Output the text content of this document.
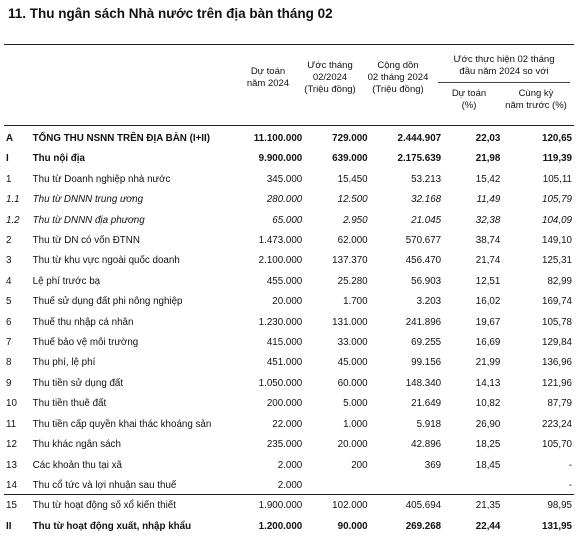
11. Thu ngân sách Nhà nước trên địa bàn tháng 02
Dự toán
năm 2024
Ước tháng
02/2024
(Triệu đồng)
Cộng dồn
02 tháng 2024
(Triệu đồng)
Ước thực hiện 02 tháng
đầu năm 2024 so với
Dự toán
(%)
Cùng kỳ
năm trước (%)
A	TỔNG THU NSNN TRÊN ĐỊA BÀN (I+II)	11.100.000	729.000	2.444.907	22,03	120,65
I	Thu nội địa	9.900.000	639.000	2.175.639	21,98	119,39
1	Thu từ Doanh nghiệp nhà nước	345.000	15.450	53.213	15,42	105,11
1.1	Thu từ DNNN trung ương	280.000	12.500	32.168	11,49	105,79
1.2	Thu từ DNNN địa phương	65.000	2.950	21.045	32,38	104,09
2	Thu từ DN có vốn ĐTNN	1.473.000	62.000	570.677	38,74	149,10
3	Thu từ khu vực ngoài quốc doanh	2.100.000	137.370	456.470	21,74	125,31
4	Lệ phí trước bạ	455.000	25.280	56.903	12,51	82,99
5	Thuế sử dụng đất phi nông nghiệp	20.000	1.700	3.203	16,02	169,74
6	Thuế thu nhập cá nhân	1.230.000	131.000	241.896	19,67	105,78
7	Thuế bảo vệ môi trường	415.000	33.000	69.255	16,69	129,84
8	Thu phí, lệ phí	451.000	45.000	99.156	21,99	136,96
9	Thu tiền sử dụng đất	1.050.000	60.000	148.340	14,13	121,96
10	Thu tiền thuê đất	200.000	5.000	21.649	10,82	87,79
11	Thu tiền cấp quyền khai thác khoáng sản	22.000	1.000	5.918	26,90	223,24
12	Thu khác ngân sách	235.000	20.000	42.896	18,25	105,70
13	Các khoản thu tại xã	2.000	200	369	18,45	-
14	Thu cổ tức và lợi nhuận sau thuế	2.000				-
15	Thu từ hoạt động số xổ kiến thiết	1.900.000	102.000	405.694	21,35	98,95
II	Thu từ hoạt động xuất, nhập khẩu	1.200.000	90.000	269.268	22,44	131,95
